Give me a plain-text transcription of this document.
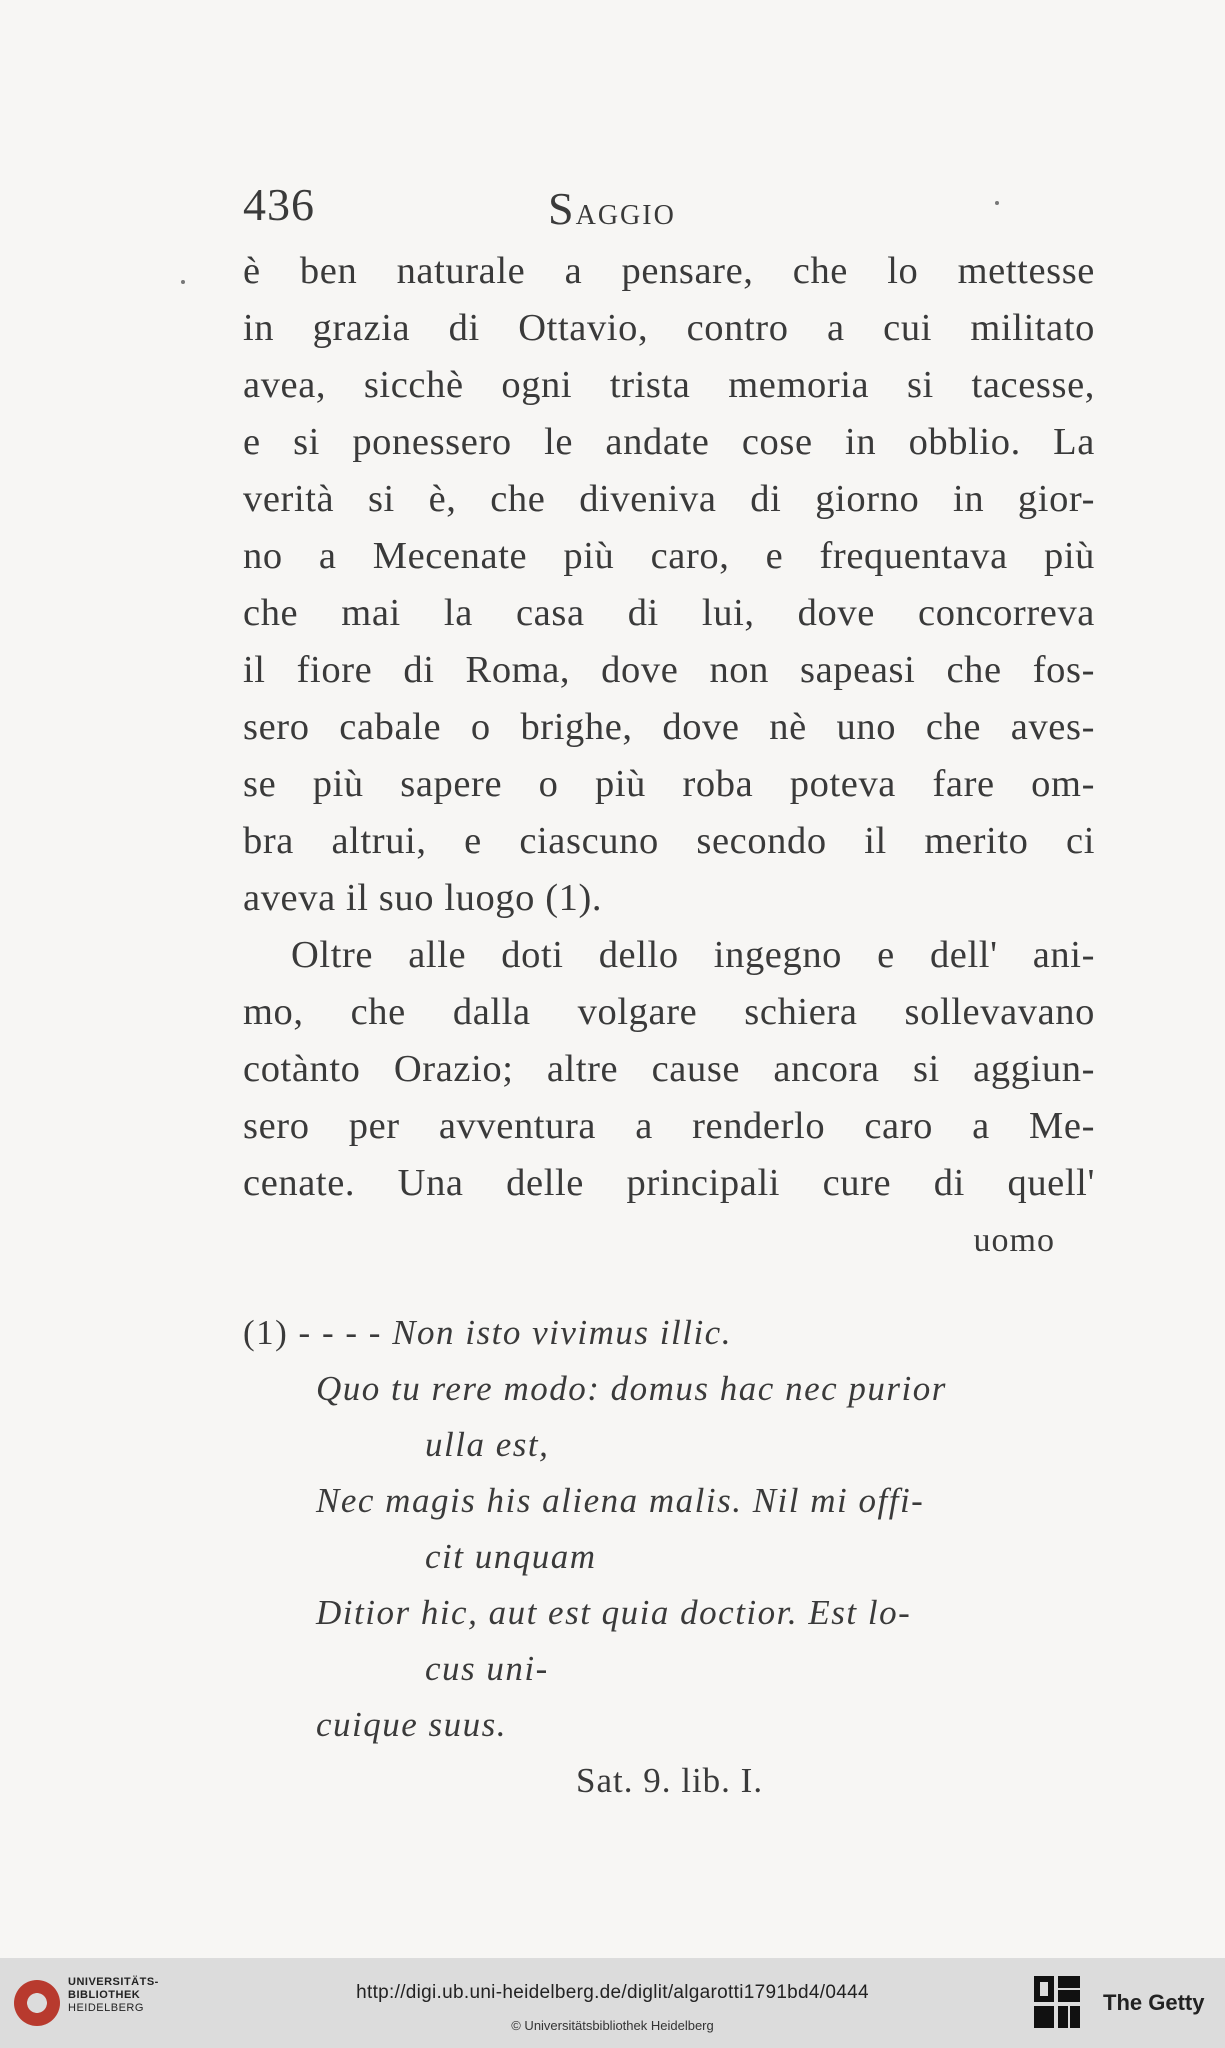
436	Saggio
è ben naturale a pensare, che lo mettesse
in grazia di Ottavio, contro a cui militato
avea, sicchè ogni trista memoria si tacesse,
e si ponessero le andate cose in obblio. La
verità si è, che diveniva di giorno in gior-
no a Mecenate più caro, e frequentava più
che mai la casa di lui, dove concorreva
il fiore di Roma, dove non sapeasi che fos-
sero cabale o brighe, dove nè uno che aves-
se più sapere o più roba poteva fare om-
bra altrui, e ciascuno secondo il merito ci
aveva il suo luogo (1).
Oltre alle doti dello ingegno e dell' ani-
mo, che dalla volgare schiera sollevavano
cotànto Orazio; altre cause ancora si aggiun-
sero per avventura a renderlo caro a Me-
cenate. Una delle principali cure di quell'
uomo
(1) - - - - Non isto vivimus illic.
Quo tu rere modo: domus hac nec purior
ulla est,
Nec magis his aliena malis. Nil mi offi-
cit unquam
Ditior hic, aut est quia doctior. Est lo-
cus uni-
cuique suus.
Sat. 9. lib. I.
UNIVERSITÄTS-
BIBLIOTHEK
HEIDELBERG
http://digi.ub.uni-heidelberg.de/diglit/algarotti1791bd4/0444
© Universitätsbibliothek Heidelberg
The Getty
